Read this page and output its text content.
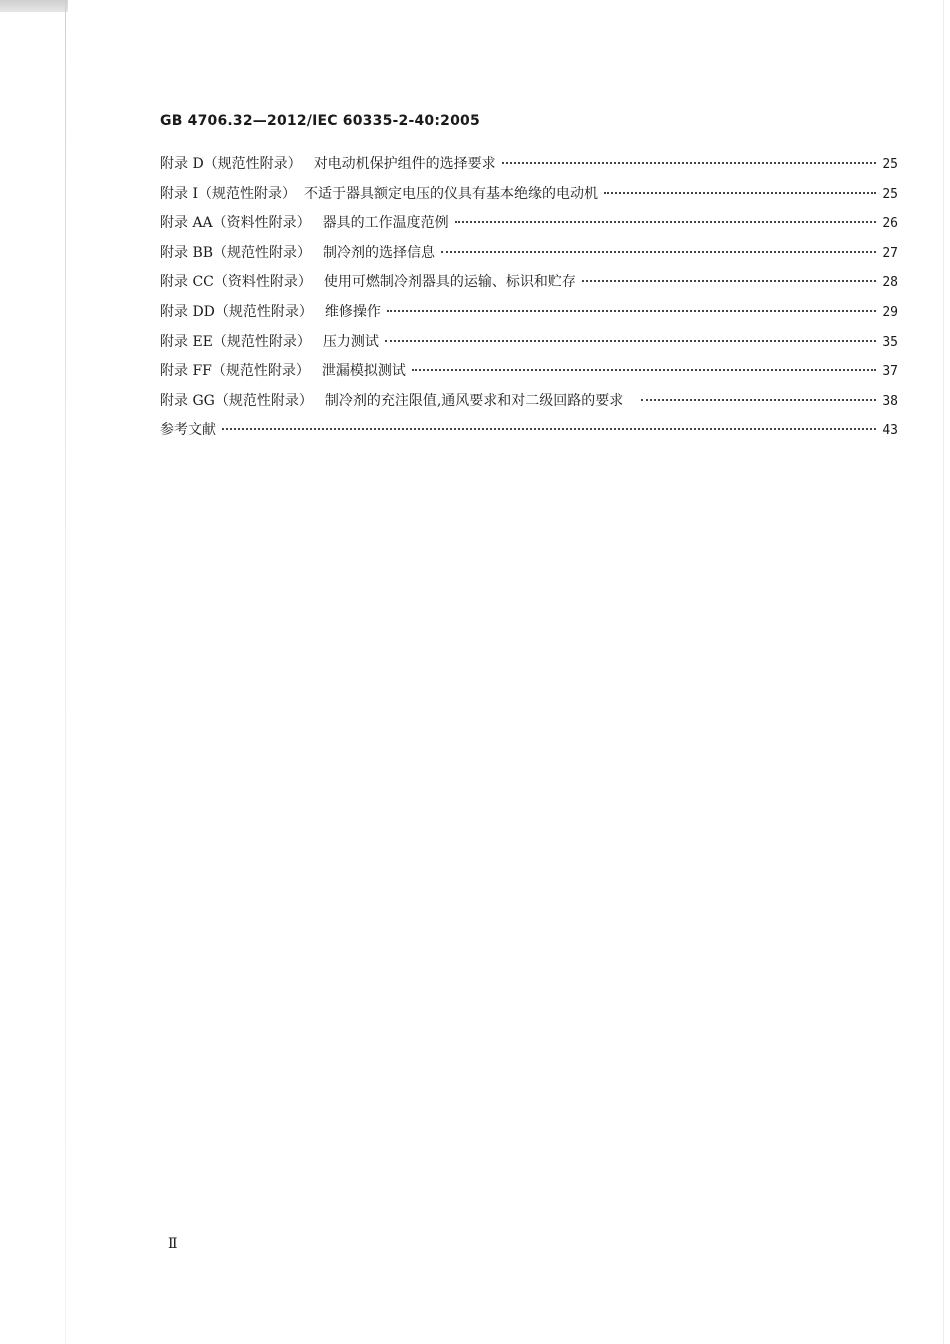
GB 4706.32—2012/IEC 60335-2-40:2005
附录 D（规范性附录） 对电动机保护组件的选择要求	25
附录 I（规范性附录） 不适于器具额定电压的仪具有基本绝缘的电动机	25
附录 AA（资料性附录） 器具的工作温度范例	26
附录 BB（规范性附录） 制冷剂的选择信息	27
附录 CC（资料性附录） 使用可燃制冷剂器具的运输、标识和贮存	28
附录 DD（规范性附录） 维修操作	29
附录 EE（规范性附录） 压力测试	35
附录 FF（规范性附录） 泄漏模拟测试	37
附录 GG（规范性附录） 制冷剂的充注限值,通风要求和对二级回路的要求	38
参考文献	43
Ⅱ
